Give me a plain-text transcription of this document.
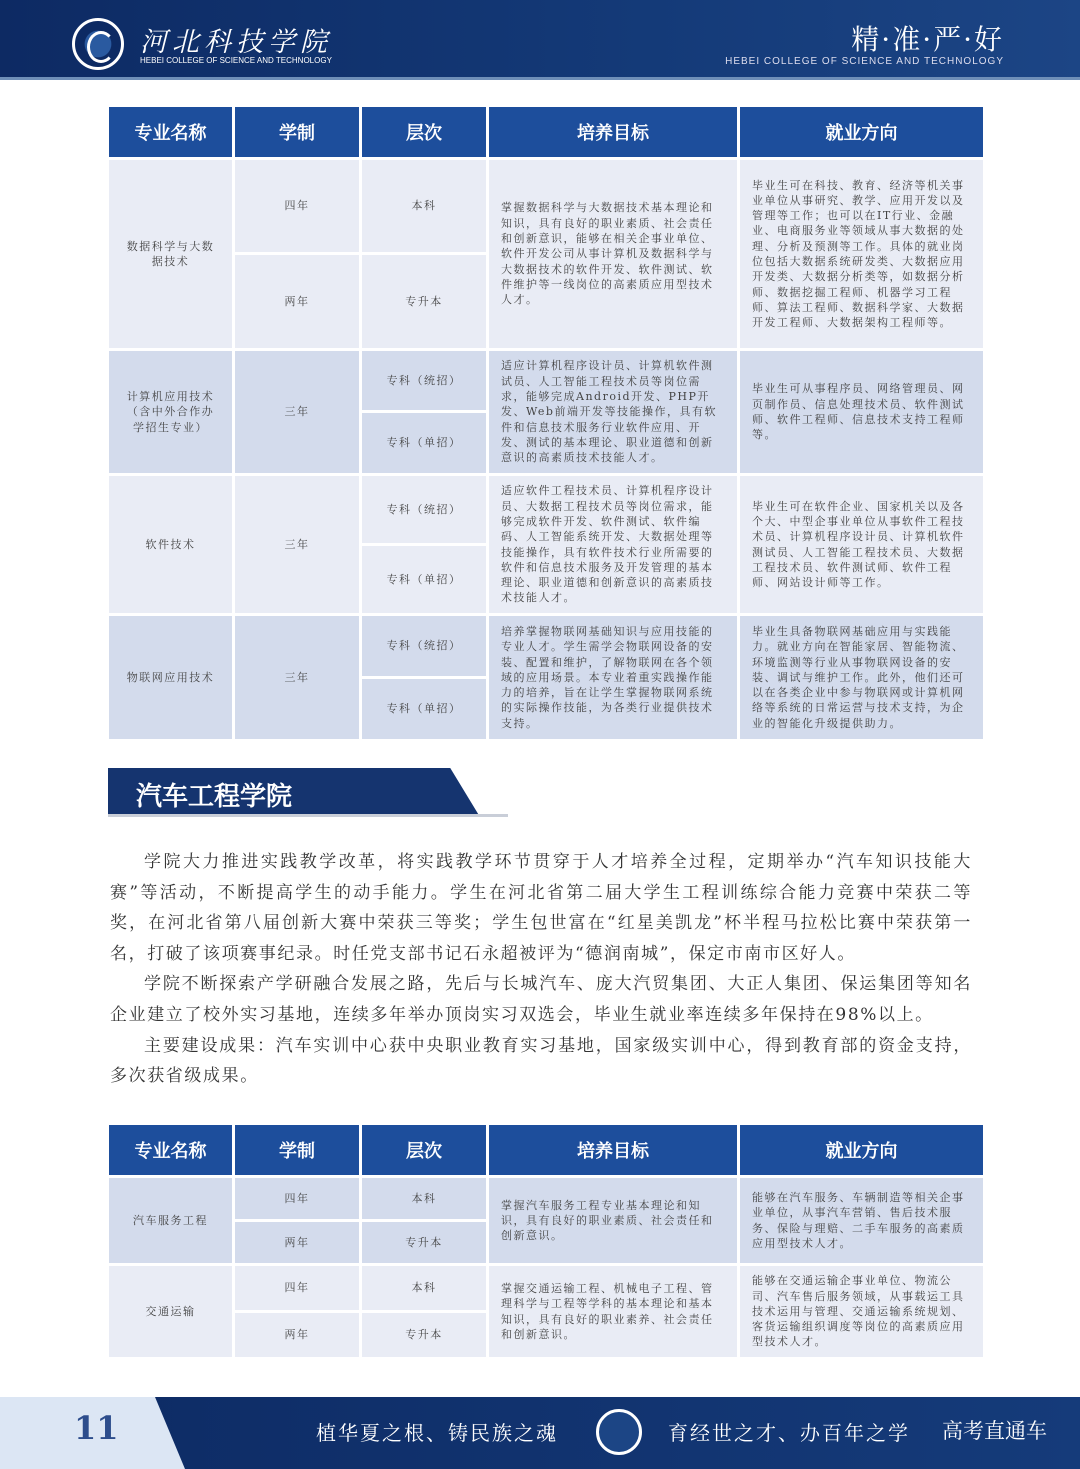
河北科技学院
HEBEI COLLEGE OF SCIENCE AND TECHNOLOGY
精·准·严·好
HEBEI COLLEGE OF SCIENCE AND TECHNOLOGY
专业名称	学制	层次	培养目标	就业方向
数据科学与大数据技术	四年	本科	掌握数据科学与大数据技术基本理论和知识，具有良好的职业素质、社会责任和创新意识，能够在相关企事业单位、软件开发公司从事计算机及数据科学与大数据技术的软件开发、软件测试、软件维护等一线岗位的高素质应用型技术人才。	毕业生可在科技、教育、经济等机关事业单位从事研究、教学、应用开发以及管理等工作；也可以在IT行业、金融业、电商服务业等领域从事大数据的处理、分析及预测等工作。具体的就业岗位包括大数据系统研发类、大数据应用开发类、大数据分析类等，如数据分析师、数据挖掘工程师、机器学习工程师、算法工程师、数据科学家、大数据开发工程师、大数据架构工程师等。
	两年	专升本		
计算机应用技术（含中外合作办学招生专业）	三年	专科（统招）	适应计算机程序设计员、计算机软件测试员、人工智能工程技术员等岗位需求，能够完成Android开发、PHP开发、Web前端开发等技能操作，具有软件和信息技术服务行业软件应用、开发、测试的基本理论、职业道德和创新意识的高素质技术技能人才。	毕业生可从事程序员、网络管理员、网页制作员、信息处理技术员、软件测试师、软件工程师、信息技术支持工程师等。
		专科（单招）		
软件技术	三年	专科（统招）	适应软件工程技术员、计算机程序设计员、大数据工程技术员等岗位需求，能够完成软件开发、软件测试、软件编码、人工智能系统开发、大数据处理等技能操作，具有软件技术行业所需要的软件和信息技术服务及开发管理的基本理论、职业道德和创新意识的高素质技术技能人才。	毕业生可在软件企业、国家机关以及各个大、中型企事业单位从事软件工程技术员、计算机程序设计员、计算机软件测试员、人工智能工程技术员、大数据工程技术员、软件测试师、软件工程师、网站设计师等工作。
		专科（单招）		
物联网应用技术	三年	专科（统招）	培养掌握物联网基础知识与应用技能的专业人才。学生需学会物联网设备的安装、配置和维护，了解物联网在各个领域的应用场景。本专业着重实践操作能力的培养，旨在让学生掌握物联网系统的实际操作技能，为各类行业提供技术支持。	毕业生具备物联网基础应用与实践能力。就业方向在智能家居、智能物流、环境监测等行业从事物联网设备的安装、调试与维护工作。此外，他们还可以在各类企业中参与物联网或计算机网络等系统的日常运营与技术支持，为企业的智能化升级提供助力。
		专科（单招）		
汽车工程学院

学院大力推进实践教学改革，将实践教学环节贯穿于人才培养全过程，定期举办“汽车知识技能大赛”等活动，不断提高学生的动手能力。学生在河北省第二届大学生工程训练综合能力竞赛中荣获二等奖，在河北省第八届创新大赛中荣获三等奖；学生包世富在“红星美凯龙”杯半程马拉松比赛中荣获第一名，打破了该项赛事纪录。时任党支部书记石永超被评为“德润南城”，保定市南市区好人。

学院不断探索产学研融合发展之路，先后与长城汽车、庞大汽贸集团、大正人集团、保运集团等知名企业建立了校外实习基地，连续多年举办顶岗实习双选会，毕业生就业率连续多年保持在98%以上。

主要建设成果：汽车实训中心获中央职业教育实习基地，国家级实训中心，得到教育部的资金支持，多次获省级成果。

专业名称	学制	层次	培养目标	就业方向
汽车服务工程	四年	本科	掌握汽车服务工程专业基本理论和知识，具有良好的职业素质、社会责任和创新意识。	能够在汽车服务、车辆制造等相关企事业单位，从事汽车营销、售后技术服务、保险与理赔、二手车服务的高素质应用型技术人才。
	两年	专升本		
交通运输	四年	本科	掌握交通运输工程、机械电子工程、管理科学与工程等学科的基本理论和基本知识，具有良好的职业素养、社会责任和创新意识。	能够在交通运输企事业单位、物流公司、汽车售后服务领域，从事载运工具技术运用与管理、交通运输系统规划、客货运输组织调度等岗位的高素质应用型技术人才。
	两年	专升本		
11	植华夏之根、铸民族之魂	育经世之才、办百年之学 高考直通车
